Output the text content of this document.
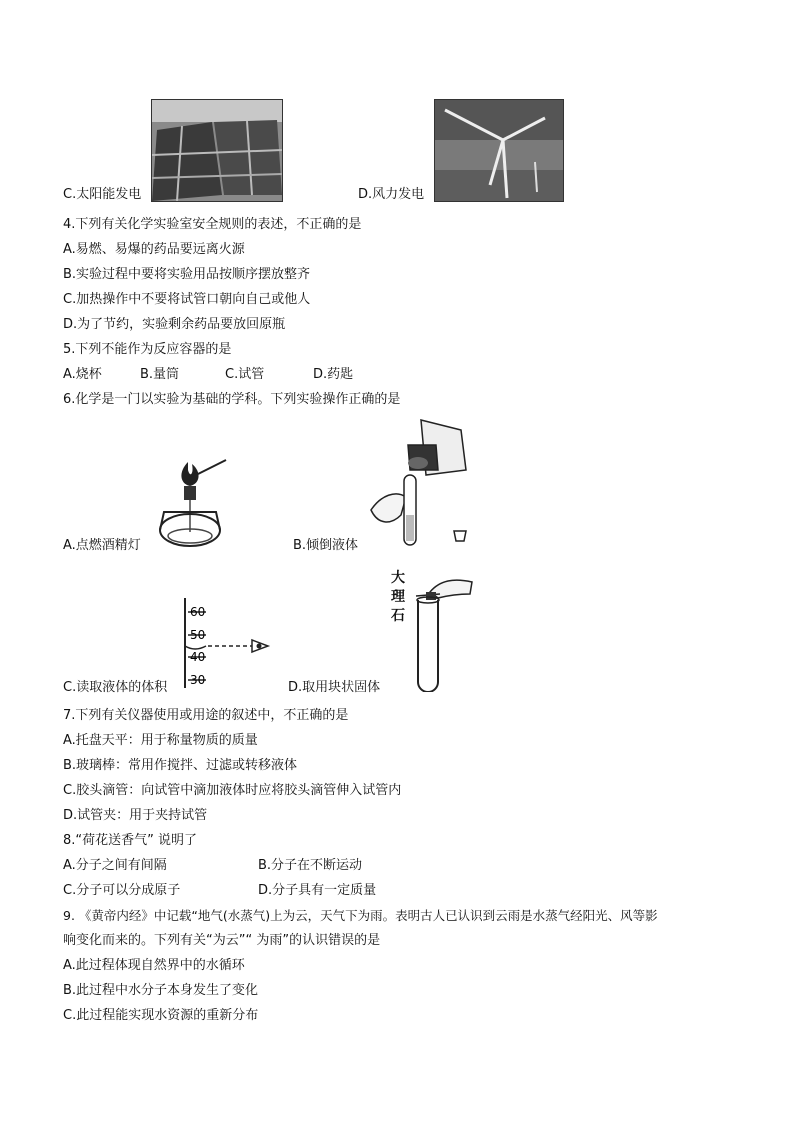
C.太阳能发电	D.风力发电
4.下列有关化学实验室安全规则的表述，不正确的是
A.易燃、易爆的药品要远离火源
B.实验过程中要将实验用品按顺序摆放整齐
C.加热操作中不要将试管口朝向自己或他人
D.为了节约，实验剩余药品要放回原瓶
5.下列不能作为反应容器的是
A.烧杯	B.量筒	C.试管	D.药匙
6.化学是一门以实验为基础的学科。下列实验操作正确的是
A.点燃酒精灯	B.倾倒液体
60
50
40
30
C.读取液体的体积
大
理
石
D.取用块状固体
7.下列有关仪器使用或用途的叙述中，不正确的是
A.托盘天平：用于称量物质的质量
B.玻璃棒：常用作搅拌、过滤或转移液体
C.胶头滴管：向试管中滴加液体时应将胶头滴管伸入试管内
D.试管夹：用于夹持试管
8.“荷花送香气” 说明了
A.分子之间有间隔	B.分子在不断运动
C.分子可以分成原子	D.分子具有一定质量
9. 《黄帝内经》中记载“地气(水蒸气)上为云，天气下为雨。表明古人已认识到云雨是水蒸气经阳光、风等影
响变化而来的。下列有关“为云”“ 为雨”的认识错误的是
A.此过程体现自然界中的水循环
B.此过程中水分子本身发生了变化
C.此过程能实现水资源的重新分布
